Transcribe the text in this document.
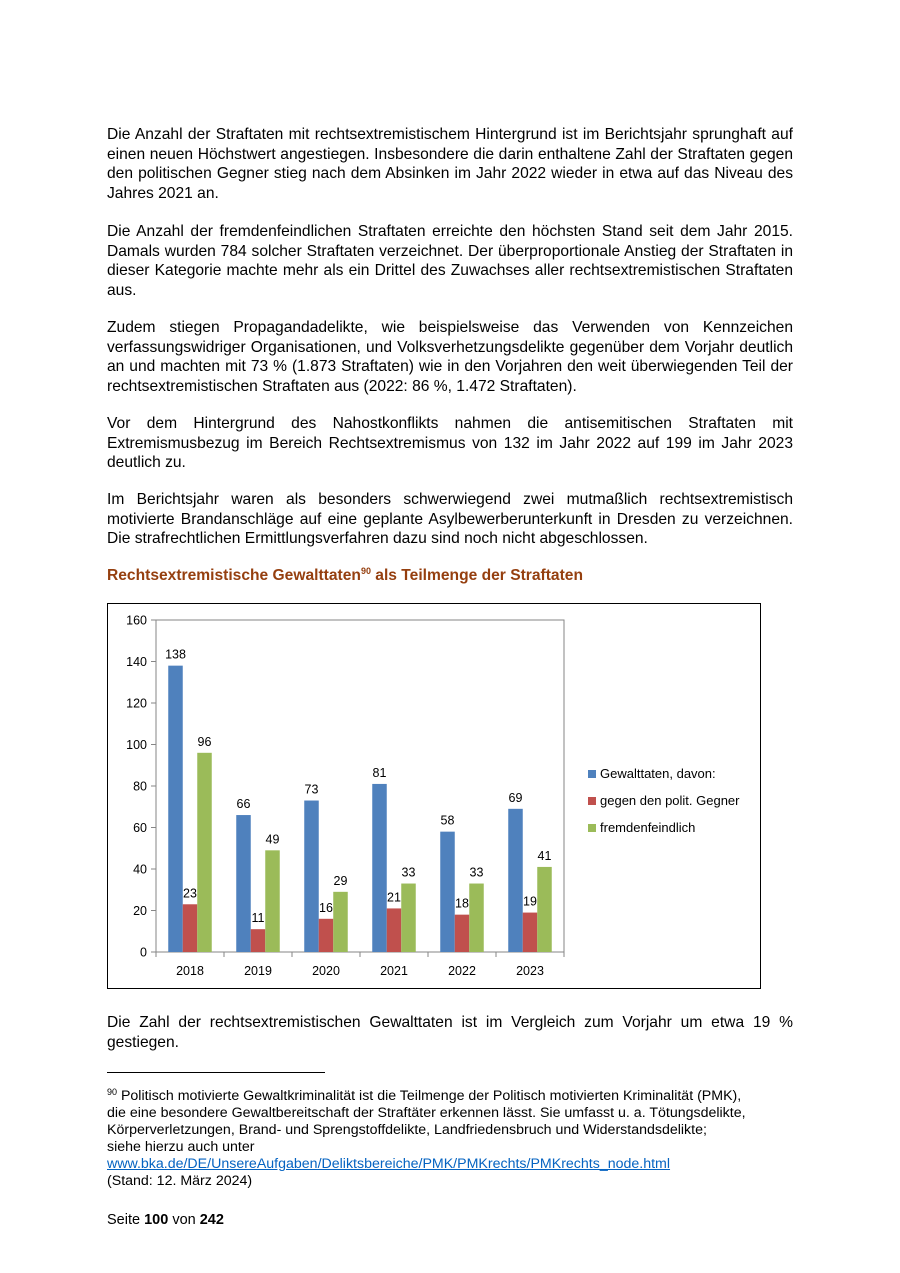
Die Anzahl der Straftaten mit rechtsextremistischem Hintergrund ist im Berichtsjahr sprunghaft auf einen neuen Höchstwert angestiegen. Insbesondere die darin enthaltene Zahl der Straftaten gegen den politischen Gegner stieg nach dem Absinken im Jahr 2022 wieder in etwa auf das Niveau des Jahres 2021 an.

Die Anzahl der fremdenfeindlichen Straftaten erreichte den höchsten Stand seit dem Jahr 2015. Damals wurden 784 solcher Straftaten verzeichnet. Der überproportionale Anstieg der Straftaten in dieser Kategorie machte mehr als ein Drittel des Zuwachses aller rechtsextremistischen Straftaten aus.

Zudem stiegen Propagandadelikte, wie beispielsweise das Verwenden von Kennzeichen verfassungswidriger Organisationen, und Volksverhetzungsdelikte gegenüber dem Vorjahr deutlich an und machten mit 73 % (1.873 Straftaten) wie in den Vorjahren den weit überwiegenden Teil der rechtsextremistischen Straftaten aus (2022: 86 %, 1.472 Straftaten).

Vor dem Hintergrund des Nahostkonflikts nahmen die antisemitischen Straftaten mit Extremismusbezug im Bereich Rechtsextremismus von 132 im Jahr 2022 auf 199 im Jahr 2023 deutlich zu.

Im Berichtsjahr waren als besonders schwerwiegend zwei mutmaßlich rechtsextremistisch motivierte Brandanschläge auf eine geplante Asylbewerberunterkunft in Dresden zu verzeichnen. Die strafrechtlichen Ermittlungsverfahren dazu sind noch nicht abgeschlossen.

Rechtsextremistische Gewalttaten$^{90}$ als Teilmenge der Straftaten

0
20
40
60
80
100
120
140
160
2018
138
23
96
2019
66
11
49
2020
73
16
29
2021
81
21
33
2022
58
18
33
2023
69
19
41
Gewalttaten, davon:
gegen den polit. Gegner
fremdenfeindlich

Die Zahl der rechtsextremistischen Gewalttaten ist im Vergleich zum Vorjahr um etwa 19 % gestiegen.

$^{90}$ Politisch motivierte Gewaltkriminalität ist die Teilmenge der Politisch motivierten Kriminalität (PMK),
die eine besondere Gewaltbereitschaft der Straftäter erkennen lässt. Sie umfasst u. a. Tötungsdelikte,
Körperverletzungen, Brand- und Sprengstoffdelikte, Landfriedensbruch und Widerstandsdelikte;
siehe hierzu auch unter
www.bka.de/DE/UnsereAufgaben/Deliktsbereiche/PMK/PMKrechts/PMKrechts_node.html
(Stand: 12. März 2024)

Seite 100 von 242
